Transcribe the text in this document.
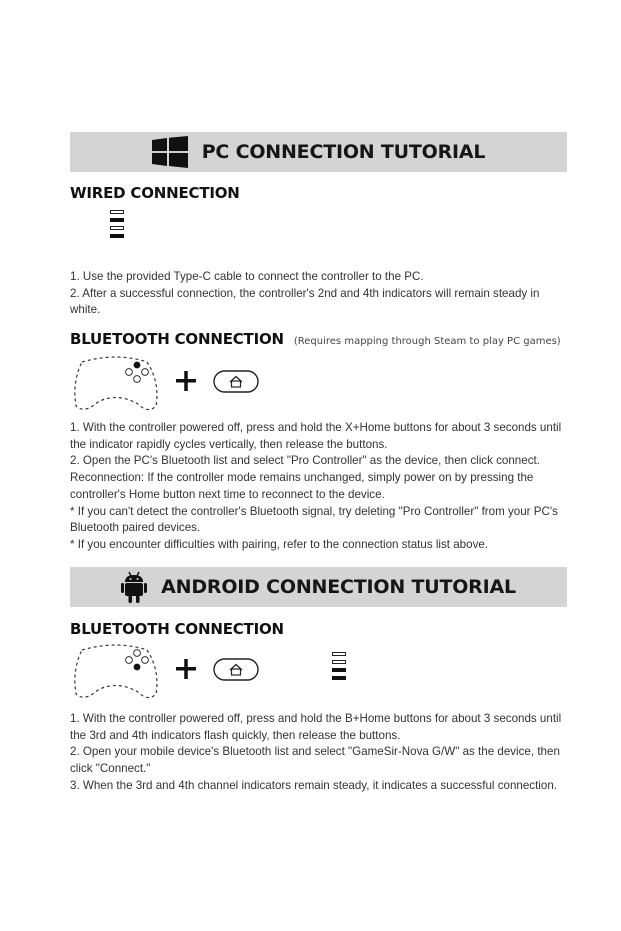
PC CONNECTION TUTORIAL
WIRED CONNECTION

1. Use the provided Type-C cable to connect the controller to the PC.

2. After a successful connection, the controller's 2nd and 4th indicators will remain steady in white.

BLUETOOTH CONNECTION (Requires mapping through Steam to play PC games)

1. With the controller powered off, press and hold the X+Home buttons for about 3 seconds until the indicator rapidly cycles vertically, then release the buttons.

2. Open the PC's Bluetooth list and select "Pro Controller" as the device, then click connect. Reconnection: If the controller mode remains unchanged, simply power on by pressing the controller's Home button next time to reconnect to the device.

* If you can't detect the controller's Bluetooth signal, try deleting "Pro Controller" from your PC's Bluetooth paired devices.

* If you encounter difficulties with pairing, refer to the connection status list above.

ANDROID CONNECTION TUTORIAL
BLUETOOTH CONNECTION

1. With the controller powered off, press and hold the B+Home buttons for about 3 seconds until the 3rd and 4th indicators flash quickly, then release the buttons.

2. Open your mobile device's Bluetooth list and select "GameSir-Nova G/W" as the device, then click "Connect."

3. When the 3rd and 4th channel indicators remain steady, it indicates a successful connection.
